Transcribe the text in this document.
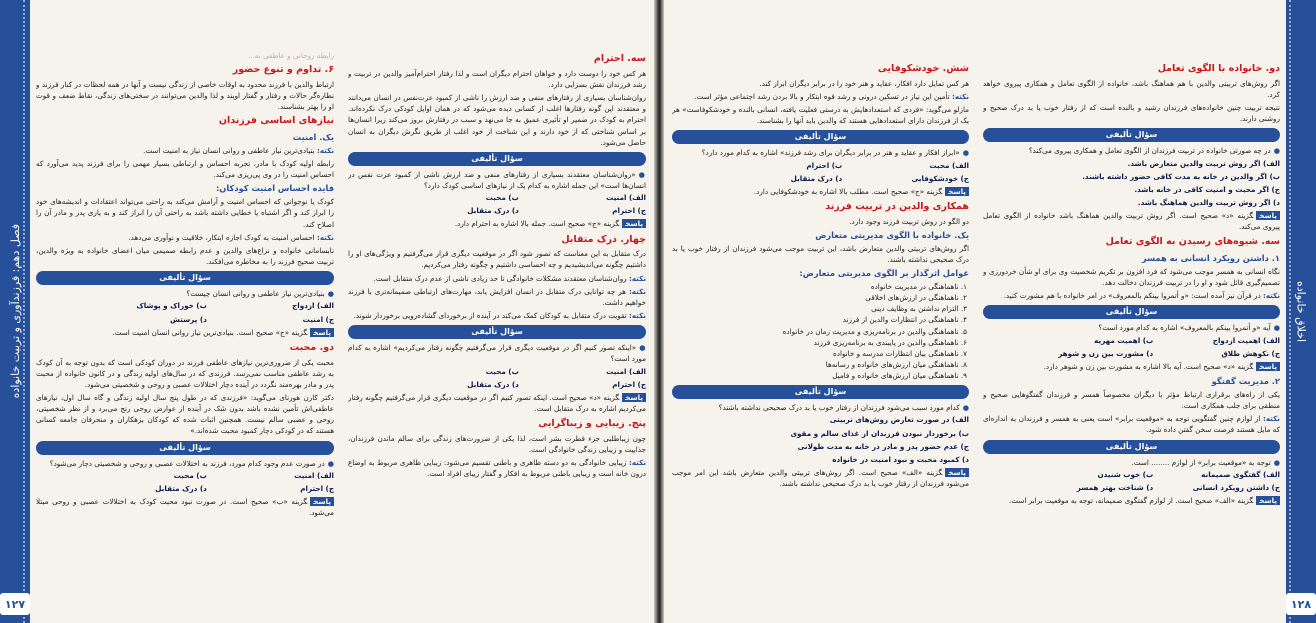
فصل دهم: فرزندآوری و تربیت خانواده
۱۲۷
سه. احترام
هر کس خود را دوست دارد و خواهان احترام دیگران است و لذا رفتار احترام‌آمیز والدین در تربیت و رشد فرزندان نقش بسزایی دارد.
روان‌شناسان بسیاری از رفتارهای منفی و ضد ارزش را ناشی از کمبود عزت‌نفس در انسان می‌دانند و معتقدند این گونه رفتارها اغلب از کسانی دیده می‌شود که در همان اوایل کودکی درک نکرده‌اند. احترام به کودک در ضمیر او تأثیری عمیق به جا می‌نهد و سبب در رفتارش بروز می‌کند زیرا انسان‌ها بر اساس شناختی که از خود دارند و این شناخت از خود اغلب از طریق نگرش دیگران به انسان حاصل می‌شود.
سؤال تألیفی
● «روان‌شناسان معتقدند بسیاری از رفتارهای منفی و ضد ارزش ناشی از کمبود عزت نفس در انسان‌ها است» این جمله اشاره به کدام یک از نیازهای اساسی کودک دارد؟
الف) امنیت
ب) محبت
ج) احترام
د) درک متقابل
پاسخگزینه «ج» صحیح است. جمله بالا اشاره به احترام دارد.
چهار. درک متقابل
درک متقابل به این معناست که تصور شود اگر در موقعیت دیگری قرار می‌گرفتیم و ویژگی‌های او را داشتیم چگونه می‌اندیشیدیم و چه احساسی داشتیم و چگونه رفتار می‌کردیم.
نکته: روان‌شناسان معتقدند مشکلات خانوادگی تا حد زیادی ناشی از عدم درک متقابل است.
نکته: هر چه توانایی درک متقابل در انسان افزایش یابد، مهارت‌های ارتباطی صمیمانه‌تری با فرزند خواهیم داشت.
نکته: تقویت درک متقابل به کودکان کمک می‌کند در آینده از برخوردای گشاده‌رویی برخوردار شوند.
سؤال تألیفی
● «اینکه تصور کنیم اگر در موقعیت دیگری قرار می‌گرفتیم چگونه رفتار می‌کردیم» اشاره به کدام مورد است؟
الف) امنیت
ب) محبت
ج) احترام
د) درک متقابل
پاسخگزینه «د» صحیح است. اینکه تصور کنیم اگر در موقعیت دیگری قرار می‌گرفتیم چگونه رفتار می‌کردیم اشاره به درک متقابل است.
پنج. زیبایی و زیباگرایی
چون زیباطلبی جزء فطرت بشر است، لذا یکی از ضرورت‌های زندگی برای سالم ماندن فرزندان، جذابیت و زیبایی زندگی خانوادگی است.
نکته: زیبایی خانوادگی به دو دسته ظاهری و باطنی تقسیم می‌شود: زیبایی ظاهری مربوط به اوضاع درون خانه است و زیبایی باطنی مربوط به افکار و گفتار زیبای افراد است.
رابطه روحانی و عاطفی به...
۶. تداوم و تنوع حضور
ارتباط والدین با فرزند محدود به اوقات خاصی از زندگی نیست و آنها در همه لحظات در کنار فرزند و نظاره‌گر حالات و رفتار و گفتار اویند و لذا والدین می‌توانند در سختی‌های زندگی، نقاط ضعف و قوت او را بهتر بشناسند.
نیازهای اساسی فرزندان
یک. امنیت
نکته: بنیادی‌ترین نیاز عاطفی و روانی انسان نیاز به امنیت است.
رابطه اولیه کودک با مادر، تجربه احساس و ارتباطی بسیار مهمی را برای فرزند پدید می‌آورد که احساس امنیت را در وی پی‌ریزی می‌کند.
فایده احساس امنیت کودکان:
کودک یا نوجوانی که احساس امنیت و آرامش می‌کند به راحتی می‌تواند اعتقادات و اندیشه‌های خود را ابراز کند و اگر اشتباه یا خطایی داشته باشد به راحتی آن را ابراز کند و به یاری پدر و مادر آن را اصلاح کند.
نکته: احساس امنیت به کودک اجازه ابتکار، خلاقیت و نوآوری می‌دهد.
نابسامانی خانواده و نزاع‌های والدین و عدم رابطه صمیمی میان اعضای خانواده به ویژه والدین، تربیت صحیح فرزند را به مخاطره می‌افکند.
سؤال تألیفی
● بنیادی‌ترین نیاز عاطفی و روانی انسان چیست؟
الف) ازدواج
ب) خوراک و پوشاک
ج) امنیت
د) پرستش
پاسخگزینه «ج» صحیح است. بنیادی‌ترین نیاز روانی انسان امنیت است.
دو. محبت
محبت یکی از ضروری‌ترین نیازهای عاطفی فرزند در دوران کودکی است که بدون توجه به آن کودک به رشد عاطفی مناسب نمی‌رسد. فرزندی که در سال‌های اولیه زندگی و در کانون خانواده از محبت پدر و مادر بهره‌مند نگردد در آینده دچار اختلالات عصبی و روحی و شخصیتی می‌شود.
دکتر کارن هورنای می‌گوید: «فرزندی که در طول پنج سال اولیه زندگی و گاه سال اول، نیازهای عاطفی‌اش تأمین نشده باشد بدون شک در آینده از عوارض روحی رنج می‌برد و از نظر شخصیتی، روحی و عصبی سالم نیست. همچنین اثبات شده که کودکان بزهکاران و منحرفان جامعه کسانی هستند که در کودکی دچار کمبود محبت شده‌اند.»
سؤال تألیفی
● در صورت عدم وجود کدام مورد، فرزند به اختلالات عصبی و روحی و شخصیتی دچار می‌شود؟
الف) امنیت
ب) محبت
ج) احترام
د) درک متقابل
پاسخگزینه «ب» صحیح است. در صورت نبود محبت کودک به اختلالات عصبی و روحی مبتلا می‌شود.
اخلاق خانواده
۱۲۸
دو. خانواده با الگوی تعامل
اگر روش‌های تربیتی والدین با هم هماهنگ باشد، خانواده از الگوی تعامل و همکاری پیروی خواهد کرد.
نتیجه تربیت چنین خانواده‌های فرزندان رشید و بالنده است که از رفتار خوب یا بد درک صحیح و روشنی دارند.
سؤال تألیفی
● در چه صورتی خانواده در تربیت فرزندان از الگوی تعامل و همکاری پیروی می‌کند؟
الف) اگر روش تربیت والدین متعارض باشد.
ب) اگر والدین در خانه به مدت کافی حضور داشته باشند.
ج) اگر محبت و امنیت کافی در خانه باشد.
د) اگر روش تربیت والدین هماهنگ باشد.
پاسخگزینه «د» صحیح است. اگر روش تربیت والدین هماهنگ باشد خانواده از الگوی تعامل پیروی می‌کند.
سه. شیوه‌های رسیدن به الگوی تعامل
۱. داشتن رویکرد انسانی به همسر
نگاه انسانی به همسر موجب می‌شود که فرد افزون بر تکریم شخصیت وی برای او شأن خردورزی و تصمیم‌گیری قائل شود و او را در تربیت فرزندان دخالت دهد.
نکته: در قرآن نیز آمده است: «و أتمروا بینکم بالمعروف» در امر خانواده با هم مشورت کنید.
سؤال تألیفی
● آیه «و أتمروا بینکم بالمعروف» اشاره به کدام مورد است؟
الف) اهمیت ازدواج
ب) اهمیت مهریه
ج) نکوهش طلاق
د) مشورت بین زن و شوهر
پاسخگزینه «د» صحیح است. آیه بالا اشاره به مشورت بین زن و شوهر دارد.
۲. مدیریت گفتگو
یکی از راه‌های برقراری ارتباط مؤثر با دیگران مخصوصاً همسر و فرزندان گفتگوهایی صحیح و منطقی برای جلب همکاری است.
نکته: از لوازم چنین گفتگویی توجه به «موقعیت برابر» است یعنی به همسر و فرزندان به اندازه‌ای که مایل هستند فرصت سخن گفتن داده شود.
سؤال تألیفی
● توجه به «موقعیت برابر» از لوازم ........ است.
الف) گفتگوی صمیمانه
ب) خوب شنیدن
ج) داشتن رویکرد انسانی
د) شناخت بهتر همسر
پاسخگزینه «الف» صحیح است. از لوازم گفتگوی صمیمانه، توجه به موقعیت برابر است.
شش. خودشکوفایی
هر کس تمایل دارد افکار، عقاید و هنر خود را در برابر دیگران ابراز کند.
نکته: تأمین این نیاز در تسکین درونی و رشد قوه ابتکار و بالا بردن رشد اجتماعی مؤثر است.
مازلو می‌گوید: «فردی که استعدادهایش به درستی فعلیت یافته، انسانی بالنده و خودشکوفاست» هر یک از فرزندان دارای استعدادهایی هستند که والدین باید آنها را بشناسند.
سؤال تألیفی
● «ابراز افکار و عقاید و هنر در برابر دیگران برای رشد فرزند» اشاره به کدام مورد دارد؟
الف) محبت
ب) احترام
ج) خودشکوفایی
د) درک متقابل
پاسخگزینه «ج» صحیح است. مطلب بالا اشاره به خودشکوفایی دارد.
همکاری والدین در تربیت فرزند
دو الگو در روش تربیت فرزند وجود دارد.
یک. خانواده با الگوی مدیریتی متعارض
اگر روش‌های تربیتی والدین متعارض باشد، این تربیت موجب می‌شود فرزندان از رفتار خوب یا بد درک صحیحی نداشته باشند.
عوامل اثرگذار بر الگوی مدیریتی متعارض:
۱. ناهماهنگی در مدیریت خانواده
۲. ناهماهنگی در ارزش‌های اخلاقی
۳. التزام نداشتن به وظایف دینی
۴. ناهماهنگی در انتظارات والدین از فرزند
۵. ناهماهنگی والدین در برنامه‌ریزی و مدیریت زمان در خانواده
۶. ناهماهنگی والدین در پایبندی به برنامه‌ریزی فرزند
۷. ناهماهنگی بیان انتظارات مدرسه و خانواده
۸. ناهماهنگی میان ارزش‌های خانواده و رسانه‌ها
۹. ناهماهنگی میان ارزش‌های خانواده و فامیل
سؤال تألیفی
● کدام مورد سبب می‌شود فرزندان از رفتار خوب یا بد درک صحیحی نداشته باشند؟
الف) در صورت تعارض روش‌های تربیتی
ب) برخوردار نبودن فرزندان از غذای سالم و مقوی
ج) عدم حضور پدر و مادر در خانه به مدت طولانی
د) کمبود محبت و نبود امنیت در خانواده
پاسخگزینه «الف» صحیح است. اگر روش‌های تربیتی والدین متعارض باشد این امر موجب می‌شود فرزندان از رفتار خوب یا بد درک صحیحی نداشته باشند.
